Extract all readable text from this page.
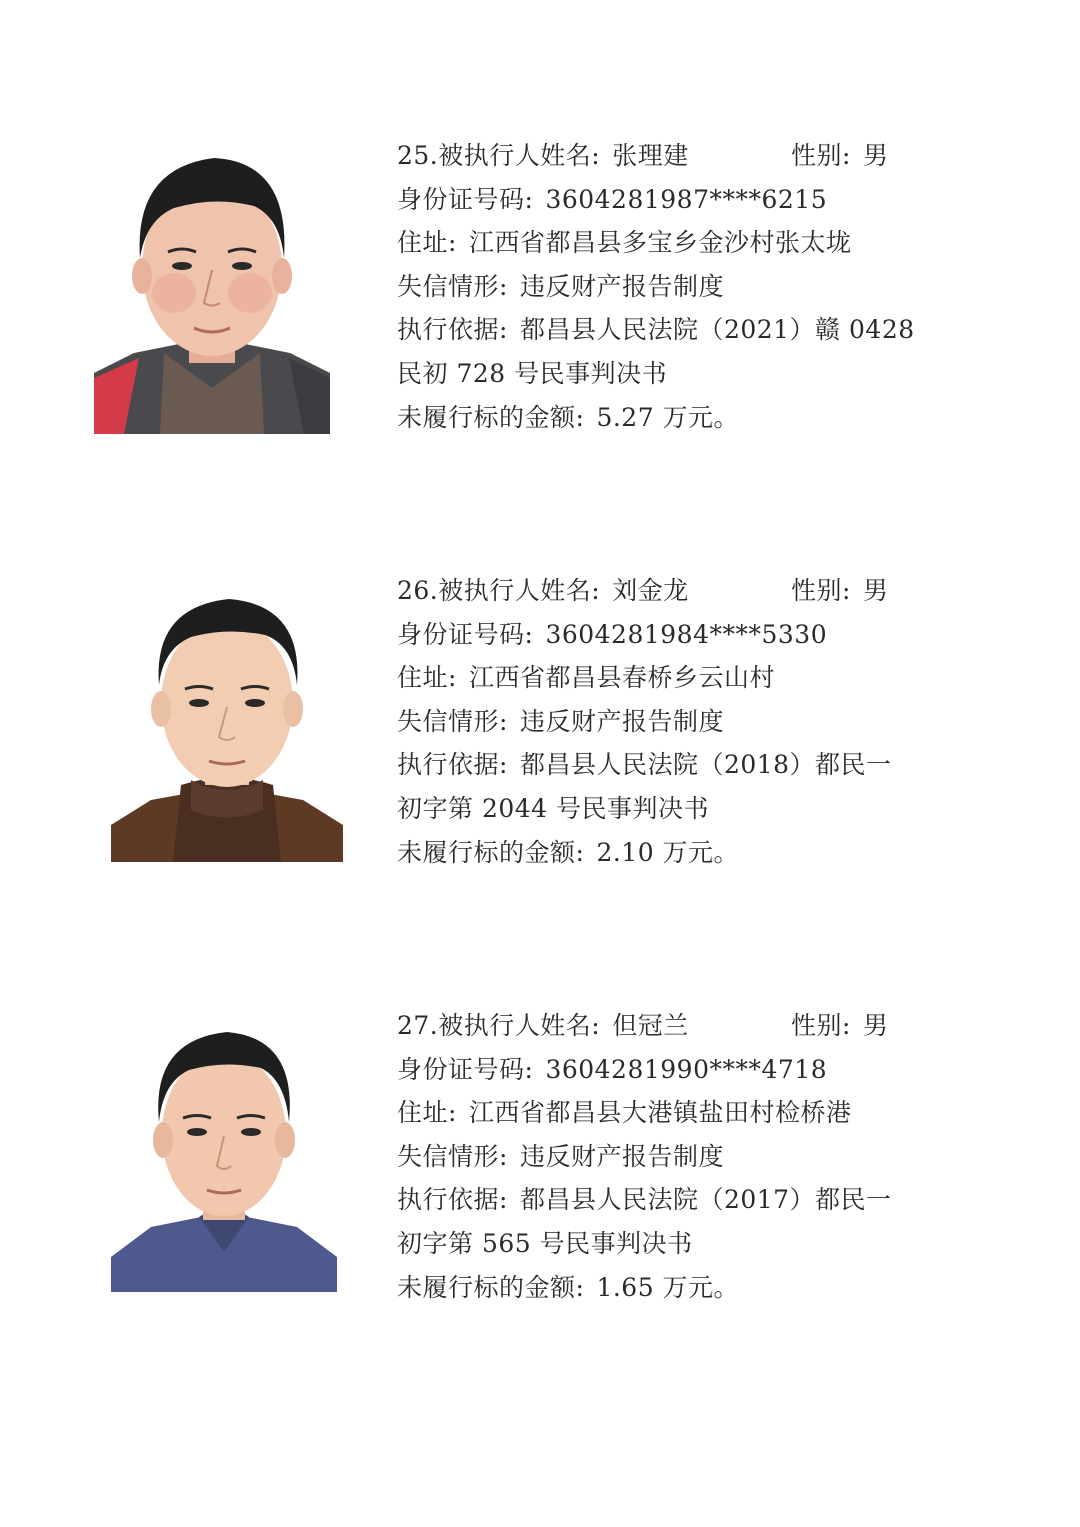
25.被执行人姓名: 张理建	性别: 男
身份证号码: 3604281987****6215
住址: 江西省都昌县多宝乡金沙村张太垅
失信情形: 违反财产报告制度
执行依据: 都昌县人民法院（2021）赣 0428
民初 728 号民事判决书
未履行标的金额: 5.27 万元。
26.被执行人姓名: 刘金龙	性别: 男
身份证号码: 3604281984****5330
住址: 江西省都昌县春桥乡云山村
失信情形: 违反财产报告制度
执行依据: 都昌县人民法院（2018）都民一
初字第 2044 号民事判决书
未履行标的金额: 2.10 万元。
27.被执行人姓名: 但冠兰	性别: 男
身份证号码: 3604281990****4718
住址: 江西省都昌县大港镇盐田村检桥港
失信情形: 违反财产报告制度
执行依据: 都昌县人民法院（2017）都民一
初字第 565 号民事判决书
未履行标的金额: 1.65 万元。
